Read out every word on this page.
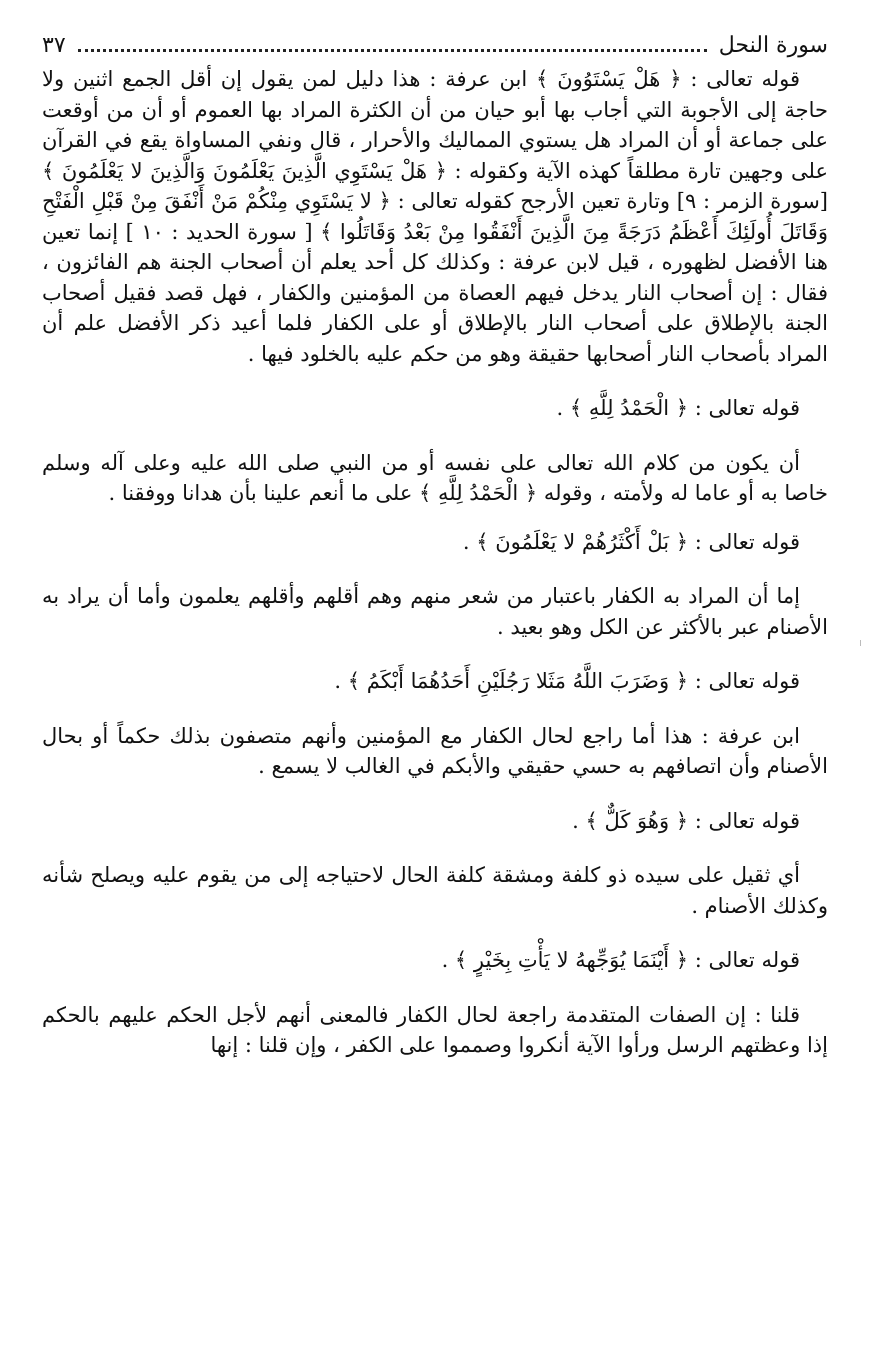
سورة النحل
٣٧

قوله تعالى : ﴿ هَلْ يَسْتَوُونَ ﴾ ابن عرفة : هذا دليل لمن يقول إن أقل الجمع اثنين ولا حاجة إلى الأجوبة التي أجاب بها أبو حيان من أن الكثرة المراد بها العموم أو أن من أوقعت على جماعة أو أن المراد هل يستوي المماليك والأحرار ، قال ونفي المساواة يقع في القرآن على وجهين تارة مطلقاً كهذه الآية وكقوله : ﴿ هَلْ يَسْتَوِي الَّذِينَ يَعْلَمُونَ وَالَّذِينَ لا يَعْلَمُونَ ﴾ [سورة الزمر : ٩] وتارة تعين الأرجح كقوله تعالى : ﴿ لا يَسْتَوِي مِنْكُمْ مَنْ أَنْفَقَ مِنْ قَبْلِ الْفَتْحِ وَقَاتَلَ أُولَئِكَ أَعْظَمُ دَرَجَةً مِنَ الَّذِينَ أَنْفَقُوا مِنْ بَعْدُ وَقَاتَلُوا ﴾ [ سورة الحديد : ١٠ ] إنما تعين هنا الأفضل لظهوره ، قيل لابن عرفة : وكذلك كل أحد يعلم أن أصحاب الجنة هم الفائزون ، فقال : إن أصحاب النار يدخل فيهم العصاة من المؤمنين والكفار ، فهل قصد فقيل أصحاب الجنة بالإطلاق على أصحاب النار بالإطلاق أو على الكفار فلما أعيد ذكر الأفضل علم أن المراد بأصحاب النار أصحابها حقيقة وهو من حكم عليه بالخلود فيها .

قوله تعالى : ﴿ الْحَمْدُ لِلَّهِ ﴾ .

أن يكون من كلام الله تعالى على نفسه أو من النبي صلى الله عليه وعلى آله وسلم خاصا به أو عاما له ولأمته ، وقوله ﴿ الْحَمْدُ لِلَّهِ ﴾ على ما أنعم علينا بأن هدانا ووفقنا .

قوله تعالى : ﴿ بَلْ أَكْثَرُهُمْ لا يَعْلَمُونَ ﴾ .

إما أن المراد به الكفار باعتبار من شعر منهم وهم أقلهم وأقلهم يعلمون وأما أن يراد به الأصنام عبر بالأكثر عن الكل وهو بعيد .

قوله تعالى : ﴿ وَضَرَبَ اللَّهُ مَثَلا رَجُلَيْنِ أَحَدُهُمَا أَبْكَمُ ﴾ .

ابن عرفة : هذا أما راجع لحال الكفار مع المؤمنين وأنهم متصفون بذلك حكماً أو بحال الأصنام وأن اتصافهم به حسي حقيقي والأبكم في الغالب لا يسمع .

قوله تعالى : ﴿ وَهُوَ كَلٌّ ﴾ .

أي ثقيل على سيده ذو كلفة ومشقة كلفة الحال لاحتياجه إلى من يقوم عليه ويصلح شأنه وكذلك الأصنام .

قوله تعالى : ﴿ أَيْنَمَا يُوَجِّههُ لا يَأْتِ بِخَيْرٍ ﴾ .

قلنا : إن الصفات المتقدمة راجعة لحال الكفار فالمعنى أنهم لأجل الحكم عليهم بالحكم إذا وعظتهم الرسل ورأوا الآية أنكروا وصمموا على الكفر ، وإن قلنا : إنها
